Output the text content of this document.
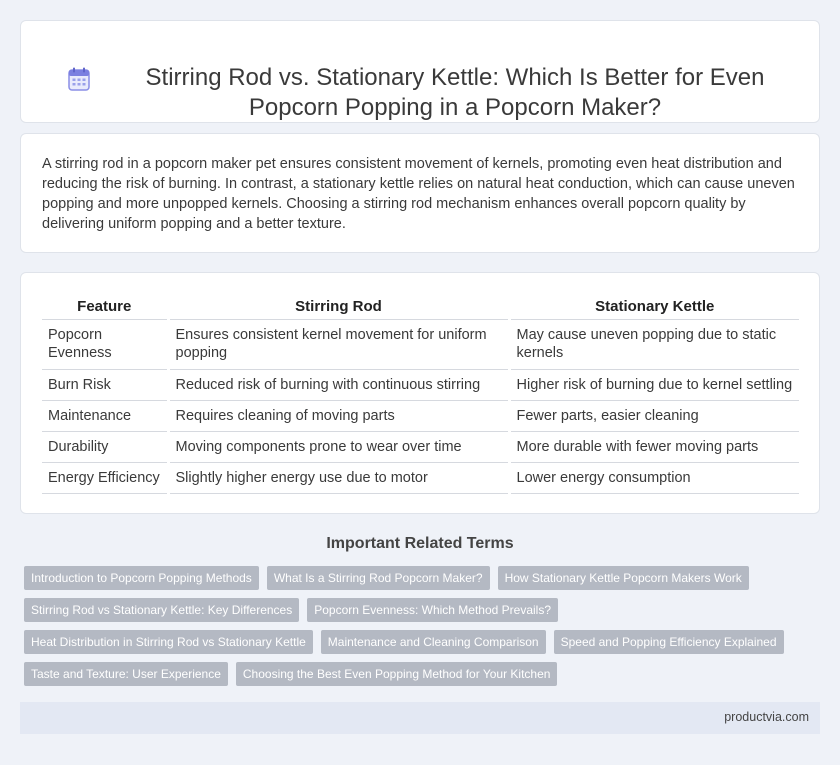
Stirring Rod vs. Stationary Kettle: Which Is Better for Even Popcorn Popping in a Popcorn Maker?

A stirring rod in a popcorn maker pet ensures consistent movement of kernels, promoting even heat distribution and reducing the risk of burning. In contrast, a stationary kettle relies on natural heat conduction, which can cause uneven popping and more unpopped kernels. Choosing a stirring rod mechanism enhances overall popcorn quality by delivering uniform popping and a better texture.

Feature	Stirring Rod	Stationary Kettle
Popcorn Evenness	Ensures consistent kernel movement for uniform popping	May cause uneven popping due to static kernels
Burn Risk	Reduced risk of burning with continuous stirring	Higher risk of burning due to kernel settling
Maintenance	Requires cleaning of moving parts	Fewer parts, easier cleaning
Durability	Moving components prone to wear over time	More durable with fewer moving parts
Energy Efficiency	Slightly higher energy use due to motor	Lower energy consumption
Important Related Terms
Introduction to Popcorn Popping Methods	What Is a Stirring Rod Popcorn Maker?	How Stationary Kettle Popcorn Makers Work
Stirring Rod vs Stationary Kettle: Key Differences	Popcorn Evenness: Which Method Prevails?
Heat Distribution in Stirring Rod vs Stationary Kettle	Maintenance and Cleaning Comparison	Speed and Popping Efficiency Explained
Taste and Texture: User Experience	Choosing the Best Even Popping Method for Your Kitchen
productvia.com
